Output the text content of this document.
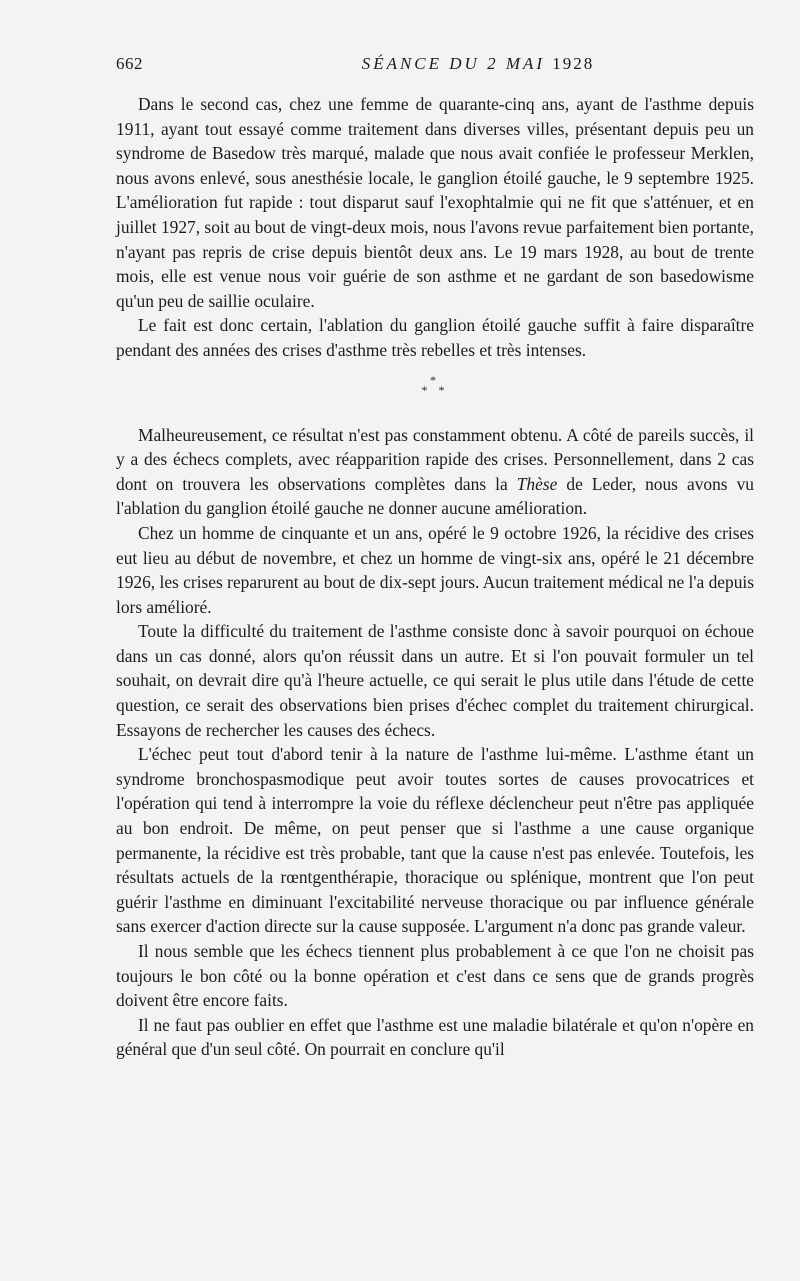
662	SÉANCE DU 2 MAI 1928

Dans le second cas, chez une femme de quarante-cinq ans, ayant de l'asthme depuis 1911, ayant tout essayé comme traitement dans diverses villes, présentant depuis peu un syndrome de Basedow très marqué, malade que nous avait confiée le professeur Merklen, nous avons enlevé, sous anesthésie locale, le ganglion étoilé gauche, le 9 septembre 1925. L'amélioration fut rapide : tout disparut sauf l'exophtalmie qui ne fit que s'atténuer, et en juillet 1927, soit au bout de vingt-deux mois, nous l'avons revue parfaitement bien portante, n'ayant pas repris de crise depuis bientôt deux ans. Le 19 mars 1928, au bout de trente mois, elle est venue nous voir guérie de son asthme et ne gardant de son basedowisme qu'un peu de saillie oculaire.

Le fait est donc certain, l'ablation du ganglion étoilé gauche suffit à faire disparaître pendant des années des crises d'asthme très rebelles et très intenses.

*
* *

Malheureusement, ce résultat n'est pas constamment obtenu. A côté de pareils succès, il y a des échecs complets, avec réapparition rapide des crises. Personnellement, dans 2 cas dont on trouvera les observations complètes dans la Thèse de Leder, nous avons vu l'ablation du ganglion étoilé gauche ne donner aucune amélioration.

Chez un homme de cinquante et un ans, opéré le 9 octobre 1926, la récidive des crises eut lieu au début de novembre, et chez un homme de vingt-six ans, opéré le 21 décembre 1926, les crises reparurent au bout de dix-sept jours. Aucun traitement médical ne l'a depuis lors amélioré.

Toute la difficulté du traitement de l'asthme consiste donc à savoir pourquoi on échoue dans un cas donné, alors qu'on réussit dans un autre. Et si l'on pouvait formuler un tel souhait, on devrait dire qu'à l'heure actuelle, ce qui serait le plus utile dans l'étude de cette question, ce serait des observations bien prises d'échec complet du traitement chirurgical. Essayons de rechercher les causes des échecs.

L'échec peut tout d'abord tenir à la nature de l'asthme lui-même. L'asthme étant un syndrome bronchospasmodique peut avoir toutes sortes de causes provocatrices et l'opération qui tend à interrompre la voie du réflexe déclencheur peut n'être pas appliquée au bon endroit. De même, on peut penser que si l'asthme a une cause organique permanente, la récidive est très probable, tant que la cause n'est pas enlevée. Toutefois, les résultats actuels de la rœntgenthérapie, thoracique ou splénique, montrent que l'on peut guérir l'asthme en diminuant l'excitabilité nerveuse thoracique ou par influence générale sans exercer d'action directe sur la cause supposée. L'argument n'a donc pas grande valeur.

Il nous semble que les échecs tiennent plus probablement à ce que l'on ne choisit pas toujours le bon côté ou la bonne opération et c'est dans ce sens que de grands progrès doivent être encore faits.

Il ne faut pas oublier en effet que l'asthme est une maladie bilatérale et qu'on n'opère en général que d'un seul côté. On pourrait en conclure qu'il
